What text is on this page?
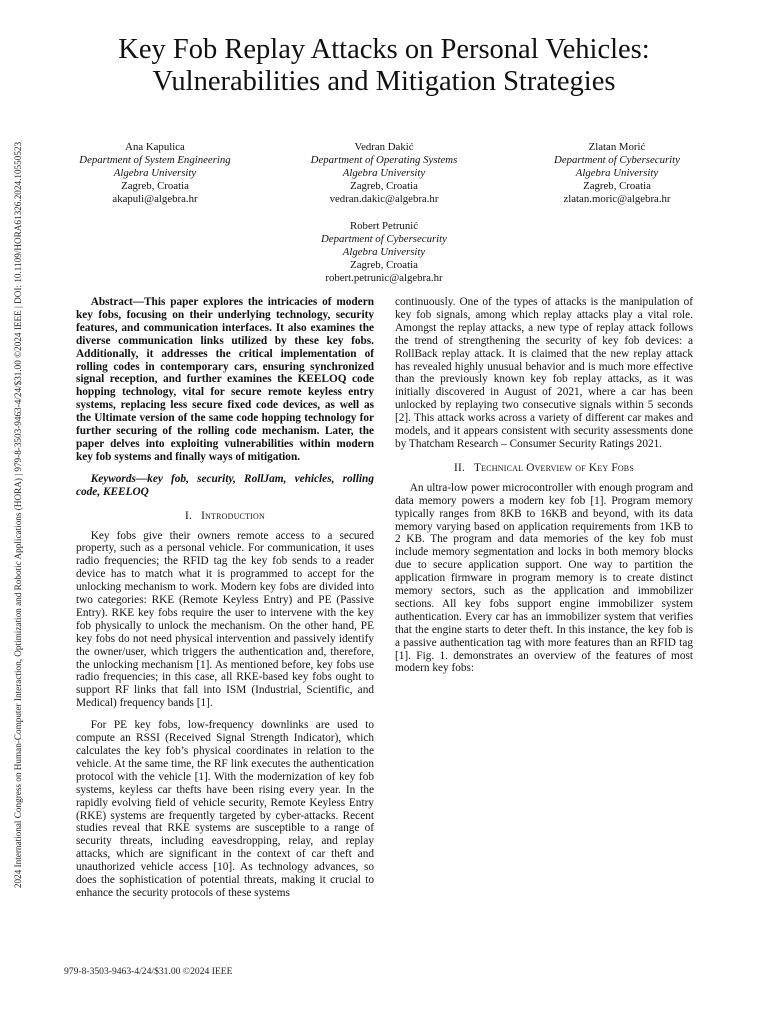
2024 International Congress on Human-Computer Interaction, Optimization and Robotic Applications (HORA) | 979-8-3503-9463-4/24/$31.00 ©2024 IEEE | DOI: 10.1109/HORA61326.2024.10550523
Key Fob Replay Attacks on Personal Vehicles:
Vulnerabilities and Mitigation Strategies
Ana Kapulica
Department of System Engineering
Algebra University
Zagreb, Croatia
akapuli@algebra.hr
Vedran Dakić
Department of Operating Systems
Algebra University
Zagreb, Croatia
vedran.dakic@algebra.hr
Zlatan Morić
Department of Cybersecurity
Algebra University
Zagreb, Croatia
zlatan.moric@algebra.hr
Robert Petrunić
Department of Cybersecurity
Algebra University
Zagreb, Croatia
robert.petrunic@algebra.hr

Abstract—This paper explores the intricacies of modern key fobs, focusing on their underlying technology, security features, and communication interfaces. It also examines the diverse communication links utilized by these key fobs. Additionally, it addresses the critical implementation of rolling codes in contemporary cars, ensuring synchronized signal reception, and further examines the KEELOQ code hopping technology, vital for secure remote keyless entry systems, replacing less secure fixed code devices, as well as the Ultimate version of the same code hopping technology for further securing of the rolling code mechanism. Later, the paper delves into exploiting vulnerabilities within modern key fob systems and finally ways of mitigation.

Keywords—key fob, security, RollJam, vehicles, rolling code, KEELOQ

I. Introduction

Key fobs give their owners remote access to a secured property, such as a personal vehicle. For communication, it uses radio frequencies; the RFID tag the key fob sends to a reader device has to match what it is programmed to accept for the unlocking mechanism to work. Modern key fobs are divided into two categories: RKE (Remote Keyless Entry) and PE (Passive Entry). RKE key fobs require the user to intervene with the key fob physically to unlock the mechanism. On the other hand, PE key fobs do not need physical intervention and passively identify the owner/user, which triggers the authentication and, therefore, the unlocking mechanism [1]. As mentioned before, key fobs use radio frequencies; in this case, all RKE-based key fobs ought to support RF links that fall into ISM (Industrial, Scientific, and Medical) frequency bands [1].

For PE key fobs, low-frequency downlinks are used to compute an RSSI (Received Signal Strength Indicator), which calculates the key fob’s physical coordinates in relation to the vehicle. At the same time, the RF link executes the authentication protocol with the vehicle [1]. With the modernization of key fob systems, keyless car thefts have been rising every year. In the rapidly evolving field of vehicle security, Remote Keyless Entry (RKE) systems are frequently targeted by cyber-attacks. Recent studies reveal that RKE systems are susceptible to a range of security threats, including eavesdropping, relay, and replay attacks, which are significant in the context of car theft and unauthorized vehicle access [10]. As technology advances, so does the sophistication of potential threats, making it crucial to enhance the security protocols of these systems

continuously. One of the types of attacks is the manipulation of key fob signals, among which replay attacks play a vital role. Amongst the replay attacks, a new type of replay attack follows the trend of strengthening the security of key fob devices: a RollBack replay attack. It is claimed that the new replay attack has revealed highly unusual behavior and is much more effective than the previously known key fob replay attacks, as it was initially discovered in August of 2021, where a car has been unlocked by replaying two consecutive signals within 5 seconds [2]. This attack works across a variety of different car makes and models, and it appears consistent with security assessments done by Thatcham Research – Consumer Security Ratings 2021.

II. Technical Overview of Key Fobs

An ultra-low power microcontroller with enough program and data memory powers a modern key fob [1]. Program memory typically ranges from 8KB to 16KB and beyond, with its data memory varying based on application requirements from 1KB to 2 KB. The program and data memories of the key fob must include memory segmentation and locks in both memory blocks due to secure application support. One way to partition the application firmware in program memory is to create distinct memory sectors, such as the application and immobilizer sections. All key fobs support engine immobilizer system authentication. Every car has an immobilizer system that verifies that the engine starts to deter theft. In this instance, the key fob is a passive authentication tag with more features than an RFID tag [1]. Fig. 1. demonstrates an overview of the features of most modern key fobs:

979-8-3503-9463-4/24/$31.00 ©2024 IEEE
